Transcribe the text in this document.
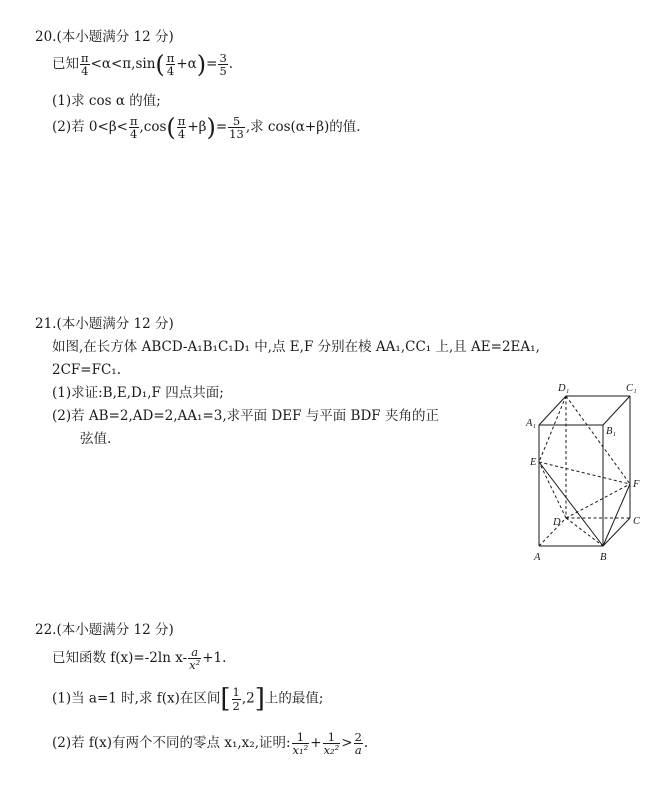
20.(本小题满分 12 分)
已知 $\frac{\pi}{4} <\alpha<\pi,\sin( \frac{\pi}{4} +\alpha)= \frac{3}{5}$ .
(1)求 cos α 的值;
(2)若 $0<\beta< \frac{\pi}{4} ,\cos( \frac{\pi}{4} +\beta)= \frac{5}{13}$ ,求 cos(α+β)的值.
21.(本小题满分 12 分)
如图,在长方体 ABCD-A₁B₁C₁D₁ 中,点 E,F 分别在棱 AA₁,CC₁ 上,且 AE=2EA₁,
2CF=FC₁.
(1)求证:B,E,D₁,F 四点共面;
(2)若 AB=2,AD=2,AA₁=3,求平面 DEF 与平面 BDF 夹角的正
弦值.
D₁	C₁
A₁
B₁
E
F
D	C
A	B
22.(本小题满分 12 分)
已知函数 f(x)=-2ln $x- \frac{a}{\text{x²}} +1$.
(1)当 a=1 时,求 f(x)在区间[ $\frac{1}{2} ,2$]上的最值;
(2)若 f(x)有两个不同的零点 x₁,x₂,证明: $\frac{1}{\text{x₁²}} + \frac{1}{\text{x₂²}} > \frac{2}{a}$ .
